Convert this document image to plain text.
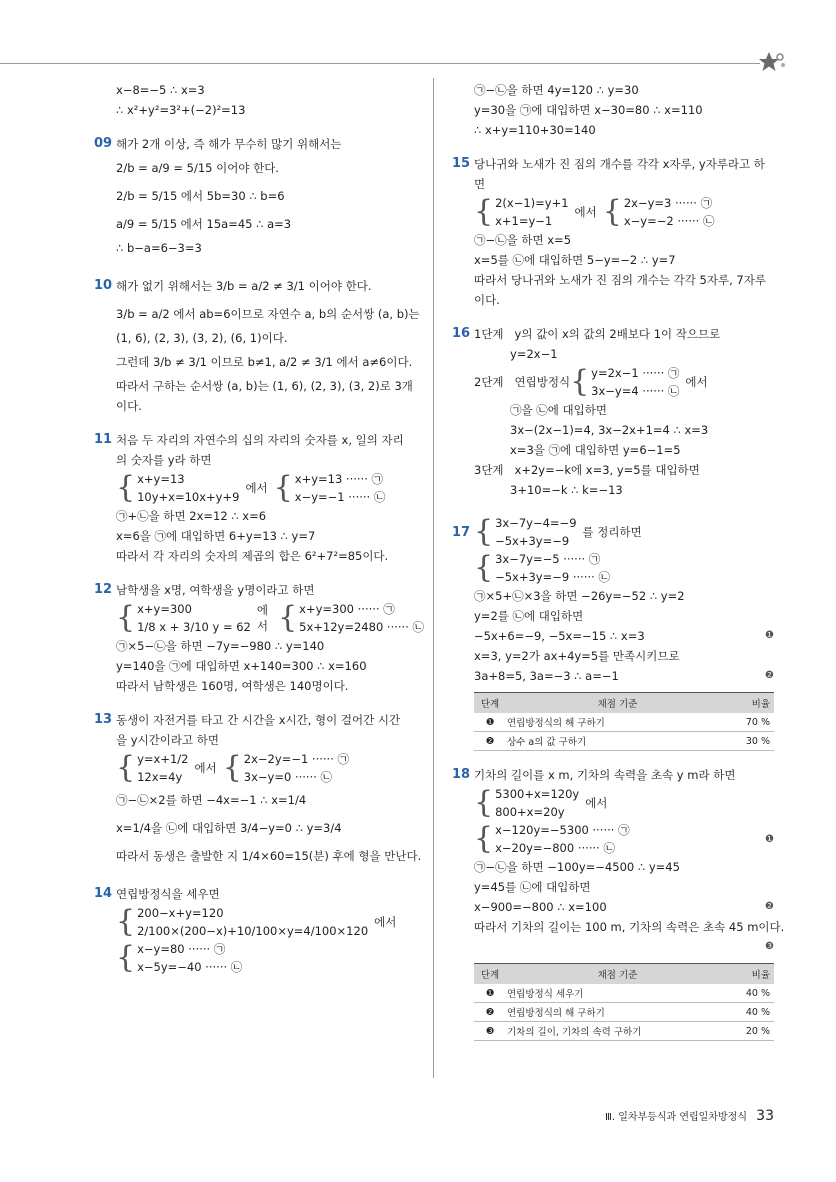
x−8=−5 ∴ x=3
∴ x²+y²=3²+(−2)²=13
09 해가 2개 이상, 즉 해가 무수히 많기 위해서는
2/b = a/9 = 5/15 이어야 한다.
2/b = 5/15 에서 5b=30 ∴ b=6
a/9 = 5/15 에서 15a=45 ∴ a=3
∴ b−a=6−3=3
10 해가 없기 위해서는 3/b = a/2 ≠ 3/1 이어야 한다.
3/b = a/2 에서 ab=6이므로 자연수 a, b의 순서쌍 (a, b)는
(1, 6), (2, 3), (3, 2), (6, 1)이다.
그런데 3/b ≠ 3/1 이므로 b≠1, a/2 ≠ 3/1 에서 a≠6이다.
따라서 구하는 순서쌍 (a, b)는 (1, 6), (2, 3), (3, 2)로 3개
이다.
11 처음 두 자리의 자연수의 십의 자리의 숫자를 x, 일의 자리
의 숫자를 y라 하면
{ x+y=13
10y+x=10x+y+9
에서 { x+y=13 ······ ㉠
x−y=−1 ······ ㉡
㉠+㉡을 하면 2x=12 ∴ x=6
x=6을 ㉠에 대입하면 6+y=13 ∴ y=7
따라서 각 자리의 숫자의 제곱의 합은 6²+7²=85이다.
12 남학생을 x명, 여학생을 y명이라고 하면
{ x+y=300
1/8 x + 3/10 y = 62
에서 { x+y=300 ······ ㉠
5x+12y=2480 ······ ㉡
㉠×5−㉡을 하면 −7y=−980 ∴ y=140
y=140을 ㉠에 대입하면 x+140=300 ∴ x=160
따라서 남학생은 160명, 여학생은 140명이다.
13 동생이 자전거를 타고 간 시간을 x시간, 형이 걸어간 시간
을 y시간이라고 하면
{ y=x+1/2
12x=4y
에서 { 2x−2y=−1 ······ ㉠
3x−y=0 ······ ㉡
㉠−㉡×2를 하면 −4x=−1 ∴ x=1/4
x=1/4을 ㉡에 대입하면 3/4−y=0 ∴ y=3/4
따라서 동생은 출발한 지 1/4×60=15(분) 후에 형을 만난다.
14 연립방정식을 세우면
{ 200−x+y=120
2/100×(200−x)+10/100×y=4/100×120
에서
{ x−y=80 ······ ㉠
x−5y=−40 ······ ㉡
㉠−㉡을 하면 4y=120 ∴ y=30
y=30을 ㉠에 대입하면 x−30=80 ∴ x=110
∴ x+y=110+30=140
15 당나귀와 노새가 진 짐의 개수를 각각 x자루, y자루라고 하
면
{ 2(x−1)=y+1
x+1=y−1
에서 { 2x−y=3 ······ ㉠
x−y=−2 ······ ㉡
㉠−㉡을 하면 x=5
x=5를 ㉡에 대입하면 5−y=−2 ∴ y=7
따라서 당나귀와 노새가 진 짐의 개수는 각각 5자루, 7자루
이다.
16 1단계 y의 값이 x의 값의 2배보다 1이 작으므로
y=2x−1
2단계
연립방정식 { y=2x−1 ······ ㉠
3x−y=4 ······ ㉡
에서
㉠을 ㉡에 대입하면
3x−(2x−1)=4, 3x−2x+1=4 ∴ x=3
x=3을 ㉠에 대입하면 y=6−1=5
3단계 x+2y=−k에 x=3, y=5를 대입하면
3+10=−k ∴ k=−13
17 { 3x−7y−4=−9
−5x+3y=−9
를 정리하면
{ 3x−7y=−5 ······ ㉠
−5x+3y=−9 ······ ㉡
㉠×5+㉡×3을 하면 −26y=−52 ∴ y=2
y=2를 ㉡에 대입하면
−5x+6=−9, −5x=−15 ∴ x=3	❶
x=3, y=2가 ax+4y=5를 만족시키므로
3a+8=5, 3a=−3 ∴ a=−1	❷
단계	채점 기준	비율
❶	연립방정식의 해 구하기	70 %
❷	상수 a의 값 구하기	30 %
18 기차의 길이를 x m, 기차의 속력을 초속 y m라 하면
{ 5300+x=120y
800+x=20y
에서
{ x−120y=−5300 ······ ㉠
x−20y=−800 ······ ㉡
❶
㉠−㉡을 하면 −100y=−4500 ∴ y=45
y=45를 ㉡에 대입하면
x−900=−800 ∴ x=100	❷
따라서 기차의 길이는 100 m, 기차의 속력은 초속 45 m이다.
❸
단계	채점 기준	비율
❶	연립방정식 세우기	40 %
❷	연립방정식의 해 구하기	40 %
❸	기차의 길이, 기차의 속력 구하기	20 %
Ⅲ. 일차부등식과 연립일차방정식 33
